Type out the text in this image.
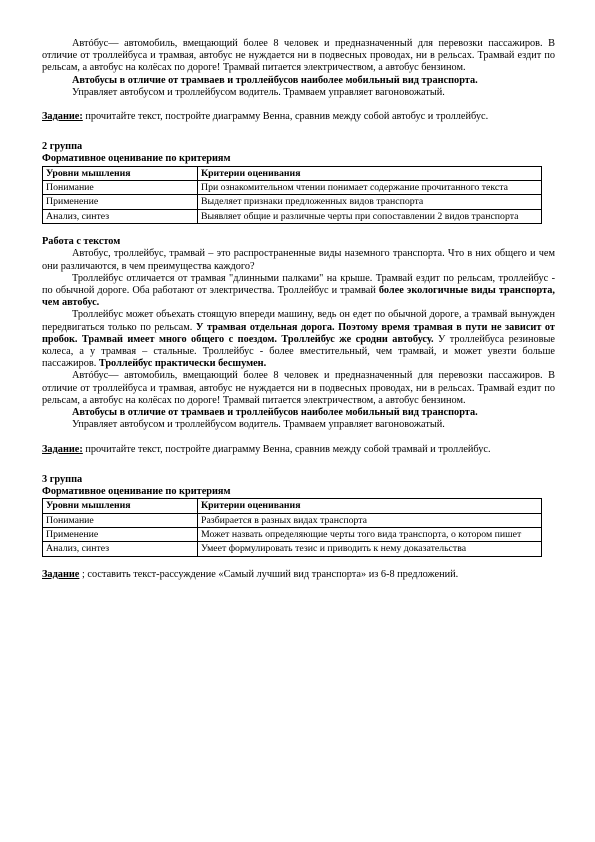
Автóбус— автомобиль, вмещающий более 8 человек и предназначенный для перевозки пассажиров. В отличие от троллейбуса и трамвая, автобус не нуждается ни в подвесных проводах, ни в рельсах. Трамвай ездит по рельсам, а автобус на колёсах по дороге! Трамвай питается электричеством, а автобус бензином.

Автобусы в отличие от трамваев и троллейбусов наиболее мобильный вид транспорта.

Управляет автобусом и троллейбусом водитель. Трамваем управляет вагоновожатый.

Задание: прочитайте текст, постройте диаграмму Венна, сравнив между собой автобус и троллейбус.

2 группа

Формативное оценивание по критериям

Уровни мышления	Критерии оценивания
Понимание	При ознакомительном чтении понимает содержание прочитанного текста
Применение	Выделяет признаки предложенных видов транспорта
Анализ, синтез	Выявляет общие и различные черты при сопоставлении 2 видов транспорта

Работа с текстом

Автобус, троллейбус, трамвай – это распространенные виды наземного транспорта. Что в них общего и чем они различаются, в чем преимущества каждого?

Троллейбус отличается от трамвая "длинными палками" на крыше. Трамвай ездит по рельсам, троллейбус - по обычной дороге. Оба работают от электричества. Троллейбус и трамвай более экологичные виды транспорта, чем автобус.

Троллейбус может объехать стоящую впереди машину, ведь он едет по обычной дороге, а трамвай вынужден передвигаться только по рельсам. У трамвая отдельная дорога. Поэтому время трамвая в пути не зависит от пробок. Трамвай имеет много общего с поездом. Троллейбус же сродни автобусу. У троллейбуса резиновые колеса, а у трамвая – стальные. Троллейбус - более вместительный, чем трамвай, и может увезти больше пассажиров. Троллейбус практически бесшумен.

Автóбус— автомобиль, вмещающий более 8 человек и предназначенный для перевозки пассажиров. В отличие от троллейбуса и трамвая, автобус не нуждается ни в подвесных проводах, ни в рельсах. Трамвай ездит по рельсам, а автобус на колёсах по дороге! Трамвай питается электричеством, а автобус бензином.

Автобусы в отличие от трамваев и троллейбусов наиболее мобильный вид транспорта.

Управляет автобусом и троллейбусом водитель. Трамваем управляет вагоновожатый.

Задание: прочитайте текст, постройте диаграмму Венна, сравнив между собой трамвай и троллейбус.

3 группа

Формативное оценивание по критериям

Уровни мышления	Критерии оценивания
Понимание	Разбирается в разных видах транспорта
Применение	Может назвать определяющие черты того вида транспорта, о котором пишет
Анализ, синтез	Умеет формулировать тезис и приводить к нему доказательства

Задание ; составить текст-рассуждение «Самый лучший вид транспорта» из 6-8 предложений.
